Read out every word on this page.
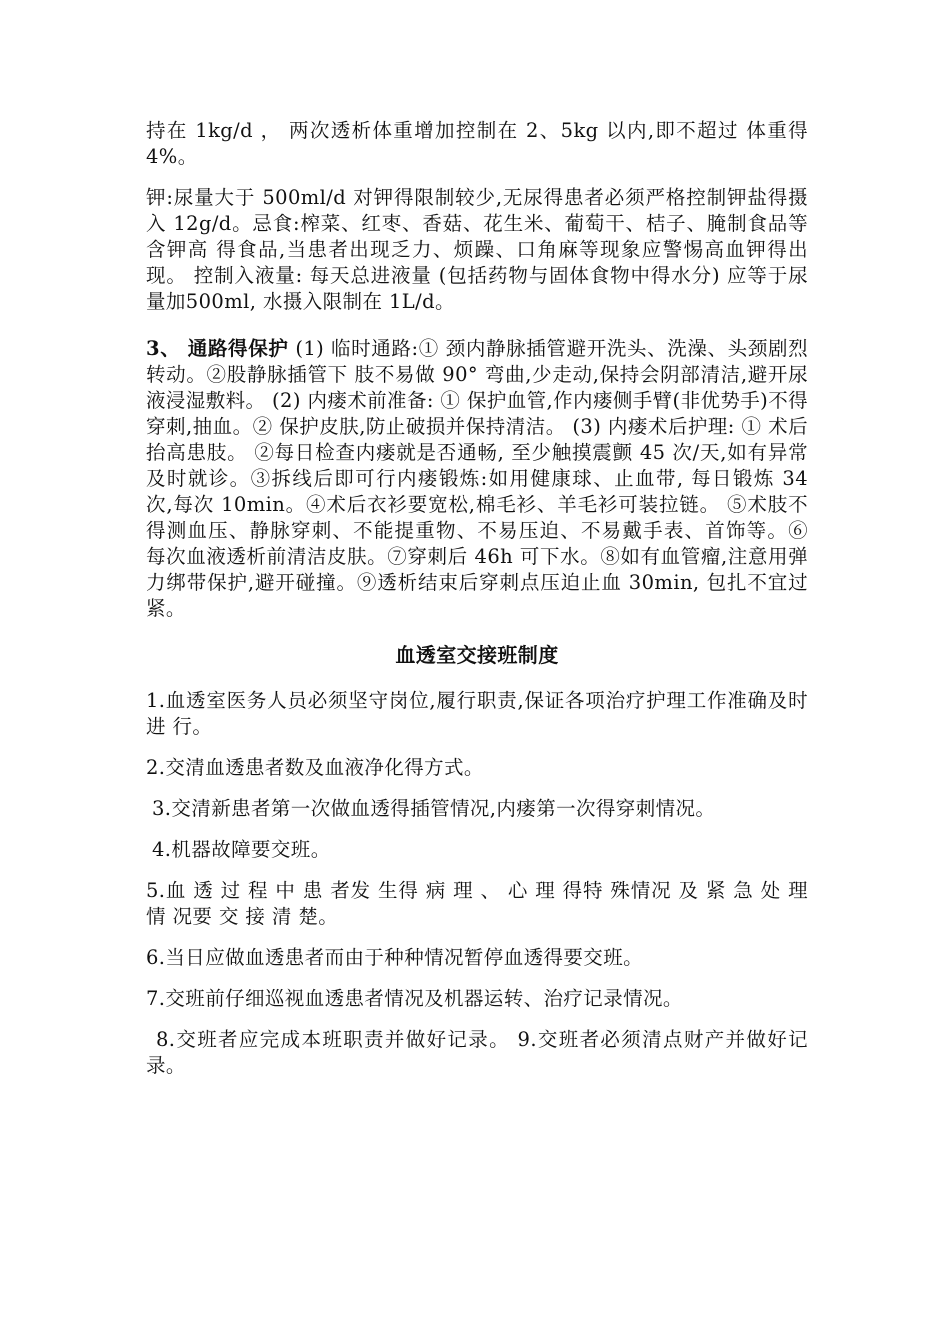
持在 1kg/d ， 两次透析体重增加控制在 2、5kg 以内,即不超过 体重得 4%。

钾:尿量大于 500ml/d 对钾得限制较少,无尿得患者必须严格控制钾盐得摄入 12g/d。忌食:榨菜、红枣、香菇、花生米、葡萄干、桔子、腌制食品等含钾高 得食品,当患者出现乏力、烦躁、口角麻等现象应警惕高血钾得出现。 控制入液量: 每天总进液量 (包括药物与固体食物中得水分) 应等于尿量加500ml, 水摄入限制在 1L/d。

3、 通路得保护 (1) 临时通路:① 颈内静脉插管避开洗头、洗澡、头颈剧烈转动。②股静脉插管下 肢不易做 90° 弯曲,少走动,保持会阴部清洁,避开尿液浸湿敷料。 (2) 内瘘术前准备: ① 保护血管,作内瘘侧手臂(非优势手)不得穿刺,抽血。② 保护皮肤,防止破损并保持清洁。 (3) 内瘘术后护理: ① 术后抬高患肢。 ②每日检查内瘘就是否通畅, 至少触摸震颤 45 次/天,如有异常及时就诊。③拆线后即可行内瘘锻炼:如用健康球、止血带, 每日锻炼 34 次,每次 10min。④术后衣衫要宽松,棉毛衫、羊毛衫可装拉链。 ⑤术肢不得测血压、静脉穿刺、不能提重物、不易压迫、不易戴手表、首饰等。⑥ 每次血液透析前清洁皮肤。⑦穿刺后 46h 可下水。⑧如有血管瘤,注意用弹 力绑带保护,避开碰撞。⑨透析结束后穿刺点压迫止血 30min, 包扎不宜过紧。

血透室交接班制度

1.血透室医务人员必须坚守岗位,履行职责,保证各项治疗护理工作准确及时进 行。

2.交清血透患者数及血液净化得方式。

3.交清新患者第一次做血透得插管情况,内瘘第一次得穿刺情况。

4.机器故障要交班。

5.血 透 过 程 中 患 者发 生得 病 理 、 心 理 得特 殊情况 及 紧 急 处 理情 况要 交 接 清 楚。

6.当日应做血透患者而由于种种情况暂停血透得要交班。

7.交班前仔细巡视血透患者情况及机器运转、治疗记录情况。

8.交班者应完成本班职责并做好记录。 9.交班者必须清点财产并做好记录。
